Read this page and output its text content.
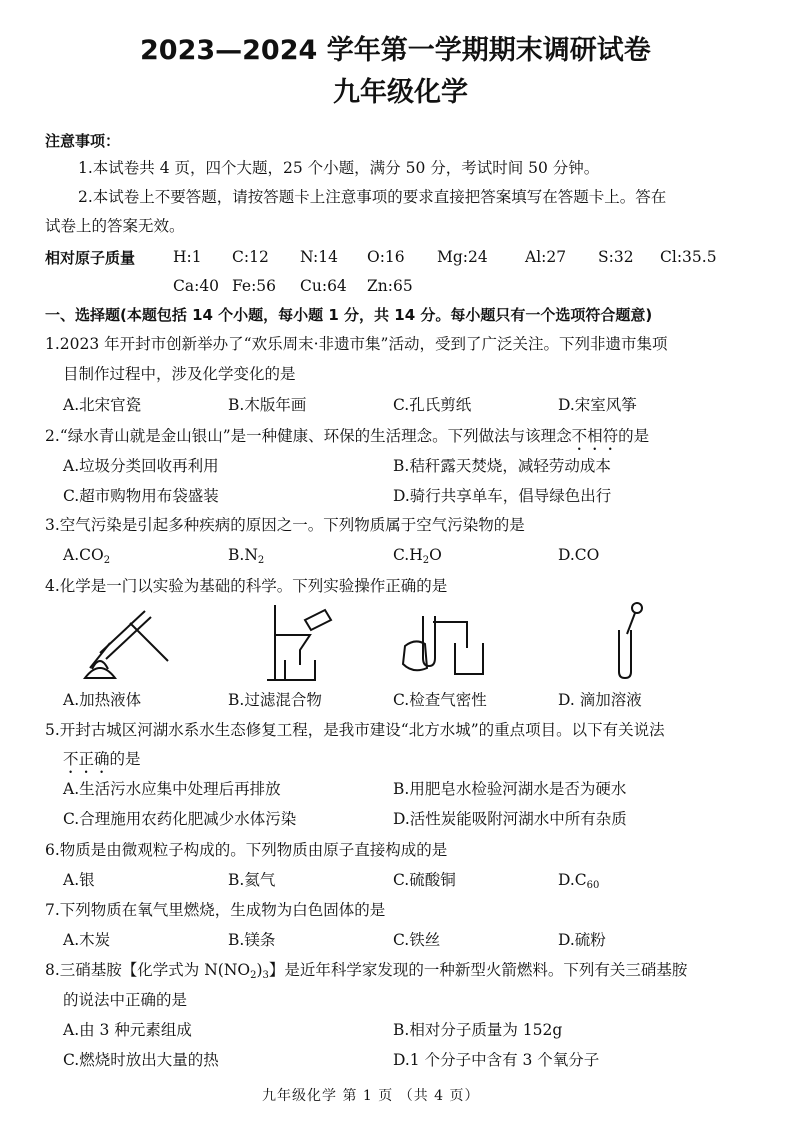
2023—2024 学年第一学期期末调研试卷
九年级化学
注意事项：
1.本试卷共 4 页，四个大题，25 个小题，满分 50 分，考试时间 50 分钟。
2.本试卷上不要答题，请按答题卡上注意事项的要求直接把答案填写在答题卡上。答在
试卷上的答案无效。
相对原子质量 H:1 C:12 N:14 O:16 Mg:24 Al:27 S:32 Cl:35.5
Ca:40 Fe:56 Cu:64 Zn:65
一、选择题(本题包括 14 个小题，每小题 1 分，共 14 分。每小题只有一个选项符合题意)
1.2023 年开封市创新举办了“欢乐周末·非遗市集”活动，受到了广泛关注。下列非遗市集项
目制作过程中，涉及化学变化的是
A.北宋官瓷	B.木版年画	C.孔氏剪纸	D.宋室风筝
2.“绿水青山就是金山银山”是一种健康、环保的生活理念。下列做法与该理念不相符的是
A.垃圾分类回收再利用	B.秸秆露天焚烧，减轻劳动成本
C.超市购物用布袋盛装	D.骑行共享单车，倡导绿色出行
3.空气污染是引起多种疾病的原因之一。下列物质属于空气污染物的是
$A.CO_2$	$B.N_2$	$C.H_2O$	D.CO
4.化学是一门以实验为基础的科学。下列实验操作正确的是
A.加热液体	B.过滤混合物	C.检查气密性	D. 滴加溶液
5.开封古城区河湖水系水生态修复工程，是我市建设“北方水城”的重点项目。以下有关说法
不正确的是
A.生活污水应集中处理后再排放	B.用肥皂水检验河湖水是否为硬水
C.合理施用农药化肥减少水体污染	D.活性炭能吸附河湖水中所有杂质
6.物质是由微观粒子构成的。下列物质由原子直接构成的是
A.银	B.氦气	C.硫酸铜	$D.C_{60}$
7.下列物质在氧气里燃烧，生成物为白色固体的是
A.木炭	B.镁条	C.铁丝	D.硫粉
8.三硝基胺【化学式为 $N(NO_2)_3$】是近年科学家发现的一种新型火箭燃料。下列有关三硝基胺
的说法中正确的是
A.由 3 种元素组成	B.相对分子质量为 152g
C.燃烧时放出大量的热	D.1 个分子中含有 3 个氧分子
九年级化学 第 1 页 （共 4 页）
